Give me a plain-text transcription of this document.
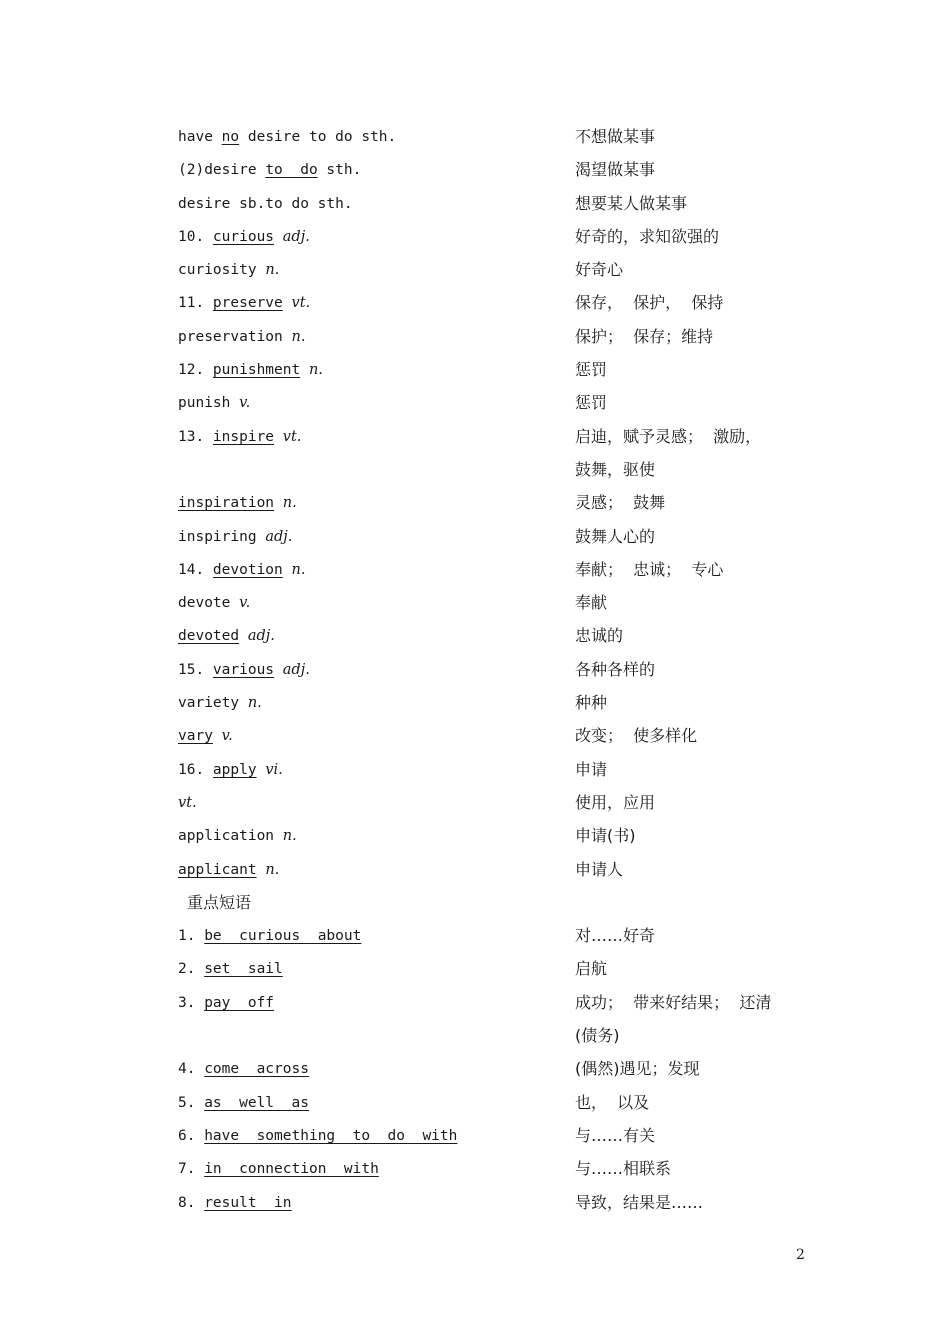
have no desire to do sth.	不想做某事
(2)desire to  do sth.	渴望做某事
desire sb.to do sth.	想要某人做某事
10. curious adj.	好奇的，求知欲强的
curiosity n.	好奇心
11. preserve vt.	保存，  保护，  保持
preservation n.	保护；  保存；维持
12. punishment n.	惩罚
punish v.	惩罚
13. inspire vt.	启迪，赋予灵感；  激励，
鼓舞，驱使
inspiration n.	灵感；  鼓舞
inspiring adj.	鼓舞人心的
14. devotion n.	奉献；  忠诚；  专心
devote v.	奉献
devoted adj.	忠诚的
15. various adj.	各种各样的
variety n.	种种
vary v.	改变；  使多样化
16. apply vi.	申请
vt.	使用，应用
application n.	申请(书)
applicant n.	申请人
重点短语
1. be  curious  about	对……好奇
2. set  sail	启航
3. pay  off	成功；  带来好结果；  还清
(债务)
4. come  across	(偶然)遇见；发现
5. as  well  as	也，  以及
6. have  something  to  do  with	与……有关
7. in  connection  with	与……相联系
8. result  in	导致，结果是……
2
